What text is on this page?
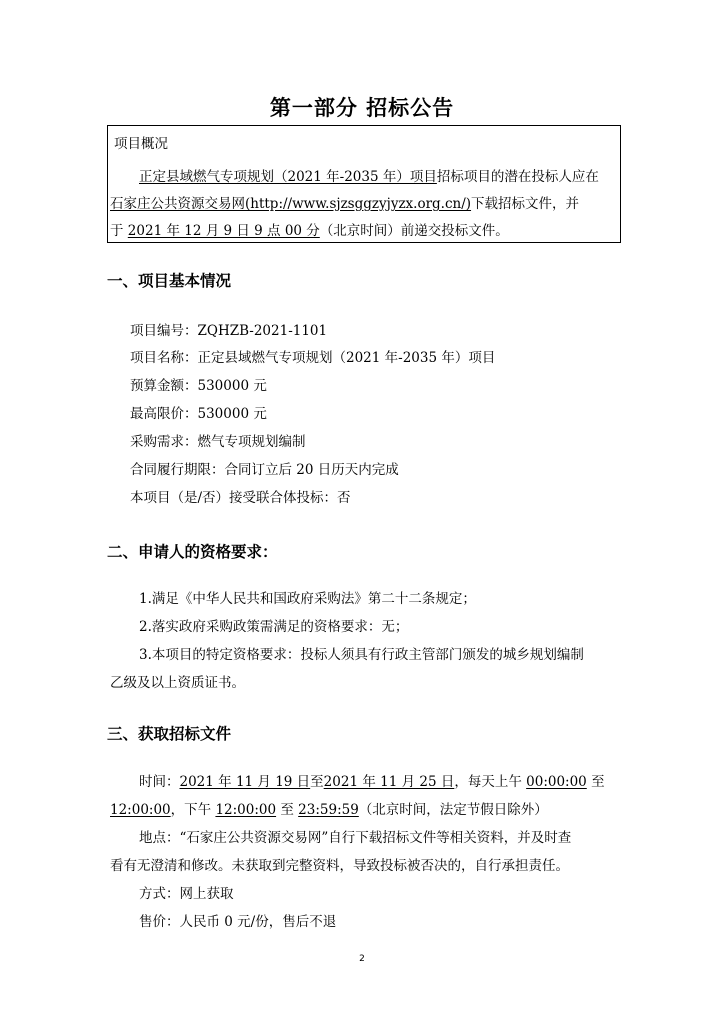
第一部分 招标公告
项目概况
正定县域燃气专项规划（2021 年-2035 年）项目招标项目的潜在投标人应在
石家庄公共资源交易网(http://www.sjzsggzyjyzx.org.cn/)下载招标文件，并
于 2021 年 12 月 9 日 9 点 00 分（北京时间）前递交投标文件。
一、项目基本情况
项目编号：ZQHZB-2021-1101
项目名称：正定县域燃气专项规划（2021 年-2035 年）项目
预算金额：530000 元
最高限价：530000 元
采购需求：燃气专项规划编制
合同履行期限：合同订立后 20 日历天内完成
本项目（是/否）接受联合体投标：否
二、申请人的资格要求：
1.满足《中华人民共和国政府采购法》第二十二条规定；
2.落实政府采购政策需满足的资格要求：无；
3.本项目的特定资格要求：投标人须具有行政主管部门颁发的城乡规划编制
乙级及以上资质证书。
三、获取招标文件
时间：2021 年 11 月 19 日至2021 年 11 月 25 日，每天上午 00:00:00 至
12:00:00，下午 12:00:00 至 23:59:59（北京时间，法定节假日除外）
地点：“石家庄公共资源交易网”自行下载招标文件等相关资料，并及时查
看有无澄清和修改。未获取到完整资料，导致投标被否决的，自行承担责任。
方式：网上获取
售价：人民币 0 元/份，售后不退
2
